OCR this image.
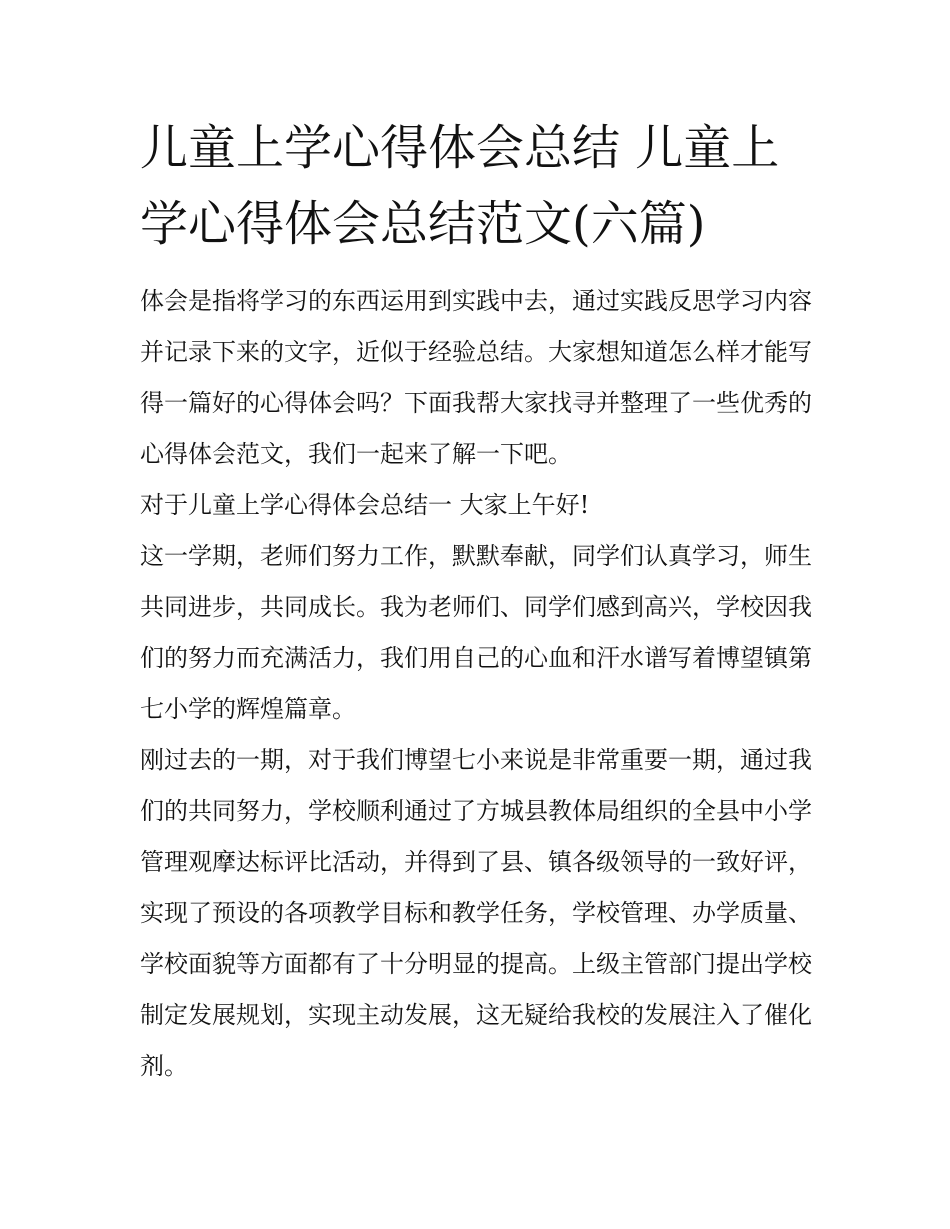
儿童上学心得体会总结 儿童上学心得体会总结范文(六篇)

体会是指将学习的东西运用到实践中去，通过实践反思学习内容并记录下来的文字，近似于经验总结。大家想知道怎么样才能写得一篇好的心得体会吗？下面我帮大家找寻并整理了一些优秀的心得体会范文，我们一起来了解一下吧。

对于儿童上学心得体会总结一 大家上午好!

这一学期，老师们努力工作，默默奉献，同学们认真学习，师生共同进步，共同成长。我为老师们、同学们感到高兴，学校因我们的努力而充满活力，我们用自己的心血和汗水谱写着博望镇第七小学的辉煌篇章。

刚过去的一期，对于我们博望七小来说是非常重要一期，通过我们的共同努力，学校顺利通过了方城县教体局组织的全县中小学管理观摩达标评比活动，并得到了县、镇各级领导的一致好评，实现了预设的各项教学目标和教学任务，学校管理、办学质量、学校面貌等方面都有了十分明显的提高。上级主管部门提出学校制定发展规划，实现主动发展，这无疑给我校的发展注入了催化剂。
